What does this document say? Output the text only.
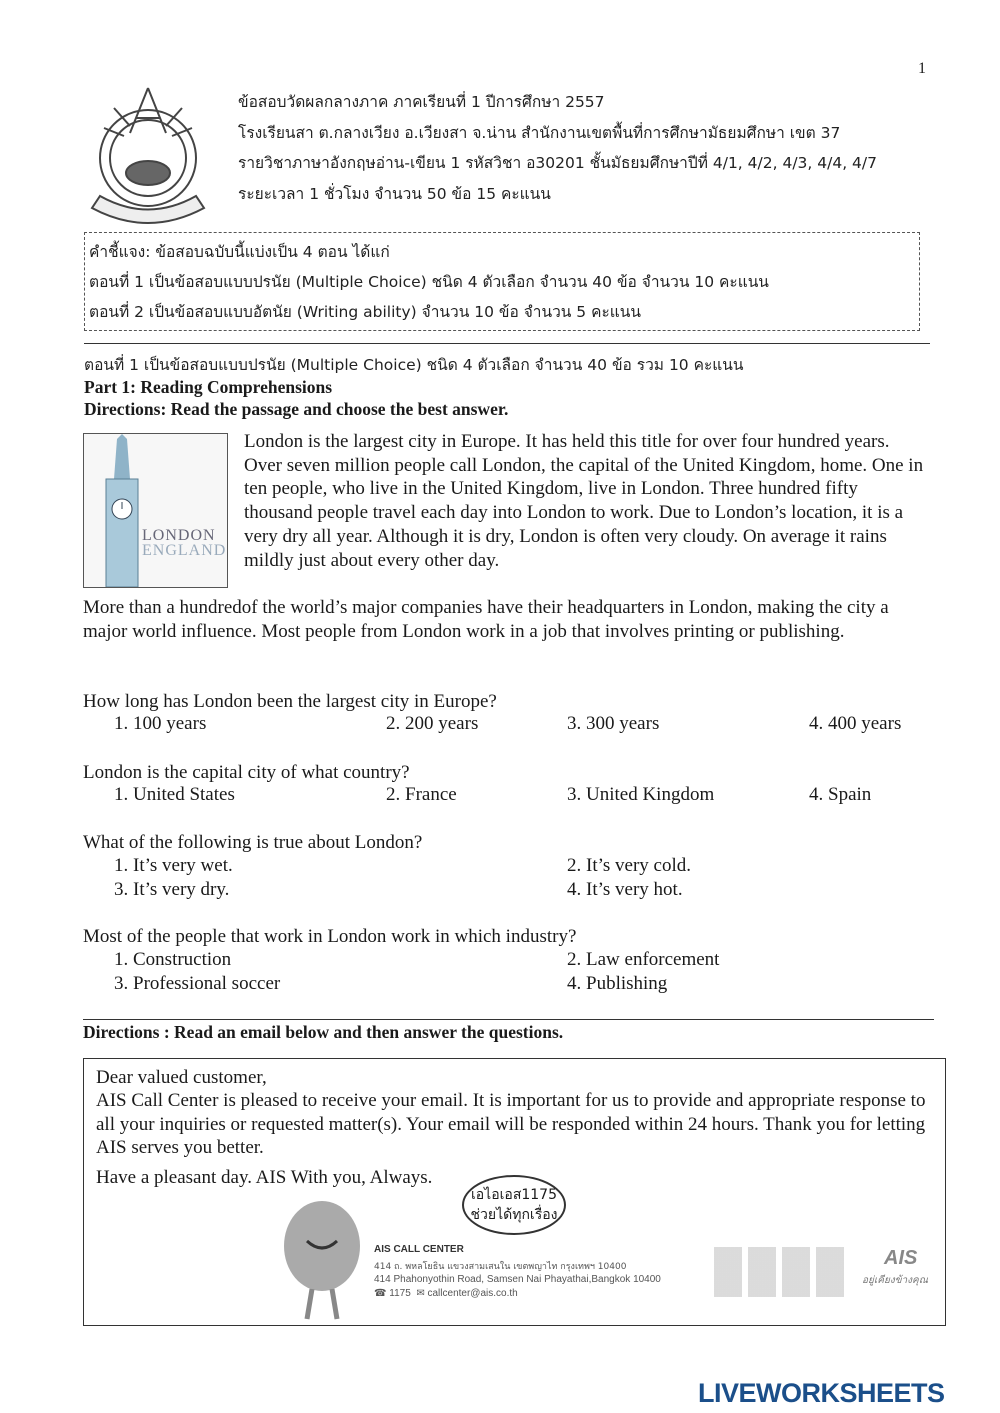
1
ข้อสอบวัดผลกลางภาค ภาคเรียนที่ 1 ปีการศึกษา 2557
โรงเรียนสา ต.กลางเวียง อ.เวียงสา จ.น่าน สำนักงานเขตพื้นที่การศึกษามัธยมศึกษา เขต 37
รายวิชาภาษาอังกฤษอ่าน-เขียน 1 รหัสวิชา อ30201 ชั้นมัธยมศึกษาปีที่ 4/1, 4/2, 4/3, 4/4, 4/7
ระยะเวลา 1 ชั่วโมง จำนวน 50 ข้อ 15 คะแนน
คำชี้แจง: ข้อสอบฉบับนี้แบ่งเป็น 4 ตอน ได้แก่
ตอนที่ 1 เป็นข้อสอบแบบปรนัย (Multiple Choice) ชนิด 4 ตัวเลือก จำนวน 40 ข้อ จำนวน 10 คะแนน
ตอนที่ 2 เป็นข้อสอบแบบอัตนัย (Writing ability) จำนวน 10 ข้อ จำนวน 5 คะแนน
ตอนที่ 1 เป็นข้อสอบแบบปรนัย (Multiple Choice) ชนิด 4 ตัวเลือก จำนวน 40 ข้อ รวม 10 คะแนน
Part 1: Reading Comprehensions
Directions: Read the passage and choose the best answer.
LONDON
ENGLAND
London is the largest city in Europe. It has held this title for over four hundred years. Over seven million people call London, the capital of the United Kingdom, home. One in ten people, who live in the United Kingdom, live in London. Three hundred fifty thousand people travel each day into London to work. Due to London’s location, it is a very dry all year. Although it is dry, London is often very cloudy. On average it rains mildly just about every other day.
More than a hundredof the world’s major companies have their headquarters in London, making the city a major world influence. Most people from London work in a job that involves printing or publishing.
How long has London been the largest city in Europe?
1. 100 years	2. 200 years	3. 300 years	4. 400 years
London is the capital city of what country?
1. United States	2. France	3. United Kingdom	4. Spain
What of the following is true about London?
1. It’s very wet.	2. It’s very cold.
3. It’s very dry.	4. It’s very hot.
Most of the people that work in London work in which industry?
1. Construction	2. Law enforcement
3. Professional soccer	4. Publishing
Directions : Read an email below and then answer the questions.
Dear valued customer,
AIS Call Center is pleased to receive your email. It is important for us to provide and appropriate response to all your inquiries or requested matter(s). Your email will be responded within 24 hours. Thank you for letting AIS serves you better.
Have a pleasant day. AIS With you, Always.
เอไอเอส1175
ช่วยได้ทุกเรื่อง
AIS CALL CENTER
414 ถ. พหลโยธิน แขวงสามเสนใน เขตพญาไท กรุงเทพฯ 10400
414 Phahonyothin Road, Samsen Nai Phayathai,Bangkok 10400
☎ 1175 ✉ callcenter@ais.co.th
AIS
อยู่เคียงข้างคุณ
LIVEWORKSHEETS
